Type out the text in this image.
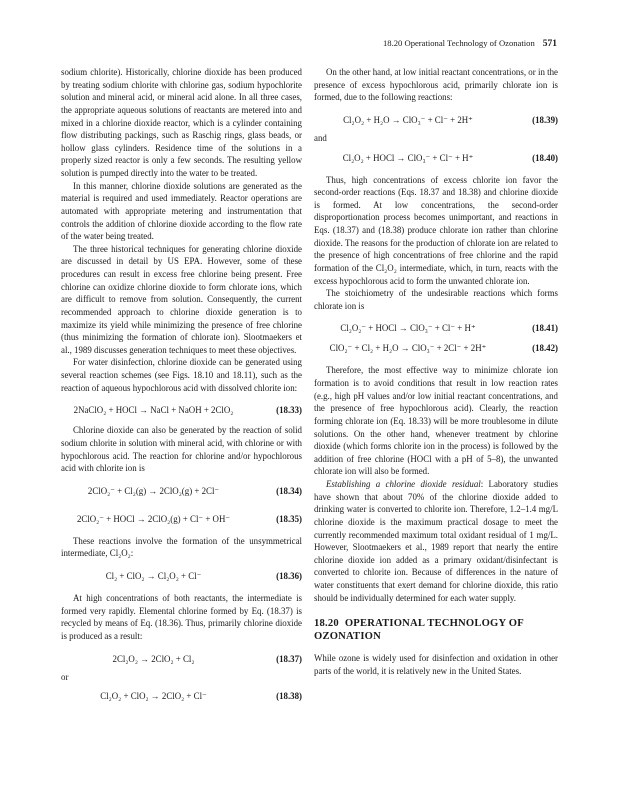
18.20 Operational Technology of Ozonation 571

sodium chlorite). Historically, chlorine dioxide has been produced by treating sodium chlorite with chlorine gas, sodium hypochlorite solution and mineral acid, or mineral acid alone. In all three cases, the appropriate aqueous solutions of reactants are metered into and mixed in a chlorine dioxide reactor, which is a cylinder containing flow distributing packings, such as Raschig rings, glass beads, or hollow glass cylinders. Residence time of the solutions in a properly sized reactor is only a few seconds. The resulting yellow solution is pumped directly into the water to be treated.

In this manner, chlorine dioxide solutions are generated as the material is required and used immediately. Reactor operations are automated with appropriate metering and instrumentation that controls the addition of chlorine dioxide according to the flow rate of the water being treated.

The three historical techniques for generating chlorine dioxide are discussed in detail by US EPA. However, some of these procedures can result in excess free chlorine being present. Free chlorine can oxidize chlorine dioxide to form chlorate ions, which are difficult to remove from solution. Consequently, the current recommended approach to chlorine dioxide generation is to maximize its yield while minimizing the presence of free chlorine (thus minimizing the formation of chlorate ion). Slootmaekers et al., 1989 discusses generation techniques to meet these objectives.

For water disinfection, chlorine dioxide can be generated using several reaction schemes (see Figs. 18.10 and 18.11), such as the reaction of aqueous hypochlorous acid with dissolved chlorite ion:

2NaClO₂ + HOCl → NaCl + NaOH + 2ClO₂	(18.33)

Chlorine dioxide can also be generated by the reaction of solid sodium chlorite in solution with mineral acid, with chlorine or with hypochlorous acid. The reaction for chlorine and/or hypochlorous acid with chlorite ion is

2ClO₂⁻ + Cl₂(g) → 2ClO₂(g) + 2Cl⁻	(18.34)
2ClO₂⁻ + HOCl → 2ClO₂(g) + Cl⁻ + OH⁻	(18.35)

These reactions involve the formation of the unsymmetrical intermediate, Cl₂O₂:

Cl₂ + ClO₂ → Cl₂O₂ + Cl⁻	(18.36)

At high concentrations of both reactants, the intermediate is formed very rapidly. Elemental chlorine formed by Eq. (18.37) is recycled by means of Eq. (18.36). Thus, primarily chlorine dioxide is produced as a result:

2Cl₂O₂ → 2ClO₂ + Cl₂	(18.37)

or

Cl₂O₂ + ClO₂ → 2ClO₂ + Cl⁻	(18.38)

On the other hand, at low initial reactant concentrations, or in the presence of excess hypochlorous acid, primarily chlorate ion is formed, due to the following reactions:

Cl₂O₂ + H₂O → ClO₃⁻ + Cl⁻ + 2H⁺	(18.39)

and

Cl₂O₂ + HOCl → ClO₃⁻ + Cl⁻ + H⁺	(18.40)

Thus, high concentrations of excess chlorite ion favor the second-order reactions (Eqs. 18.37 and 18.38) and chlorine dioxide is formed. At low concentrations, the second-order disproportionation process becomes unimportant, and reactions in Eqs. (18.37) and (18.38) produce chlorate ion rather than chlorine dioxide. The reasons for the production of chlorate ion are related to the presence of high concentrations of free chlorine and the rapid formation of the Cl₂O₂ intermediate, which, in turn, reacts with the excess hypochlorous acid to form the unwanted chlorate ion.

The stoichiometry of the undesirable reactions which forms chlorate ion is

Cl₂O₂⁻ + HOCl → ClO₃⁻ + Cl⁻ + H⁺	(18.41)
ClO₂⁻ + Cl₂ + H₂O → ClO₃⁻ + 2Cl⁻ + 2H⁺	(18.42)

Therefore, the most effective way to minimize chlorate ion formation is to avoid conditions that result in low reaction rates (e.g., high pH values and/or low initial reactant concentrations, and the presence of free hypochlorous acid). Clearly, the reaction forming chlorate ion (Eq. 18.33) will be more troublesome in dilute solutions. On the other hand, whenever treatment by chlorine dioxide (which forms chlorite ion in the process) is followed by the addition of free chlorine (HOCl with a pH of 5–8), the unwanted chlorate ion will also be formed.

Establishing a chlorine dioxide residual: Laboratory studies have shown that about 70% of the chlorine dioxide added to drinking water is converted to chlorite ion. Therefore, 1.2–1.4 mg/L chlorine dioxide is the maximum practical dosage to meet the currently recommended maximum total oxidant residual of 1 mg/L. However, Slootmaekers et al., 1989 report that nearly the entire chlorine dioxide ion added as a primary oxidant/disinfectant is converted to chlorite ion. Because of differences in the nature of water constituents that exert demand for chlorine dioxide, this ratio should be individually determined for each water supply.

18.20 OPERATIONAL TECHNOLOGY OF OZONATION

While ozone is widely used for disinfection and oxidation in other parts of the world, it is relatively new in the United States.
